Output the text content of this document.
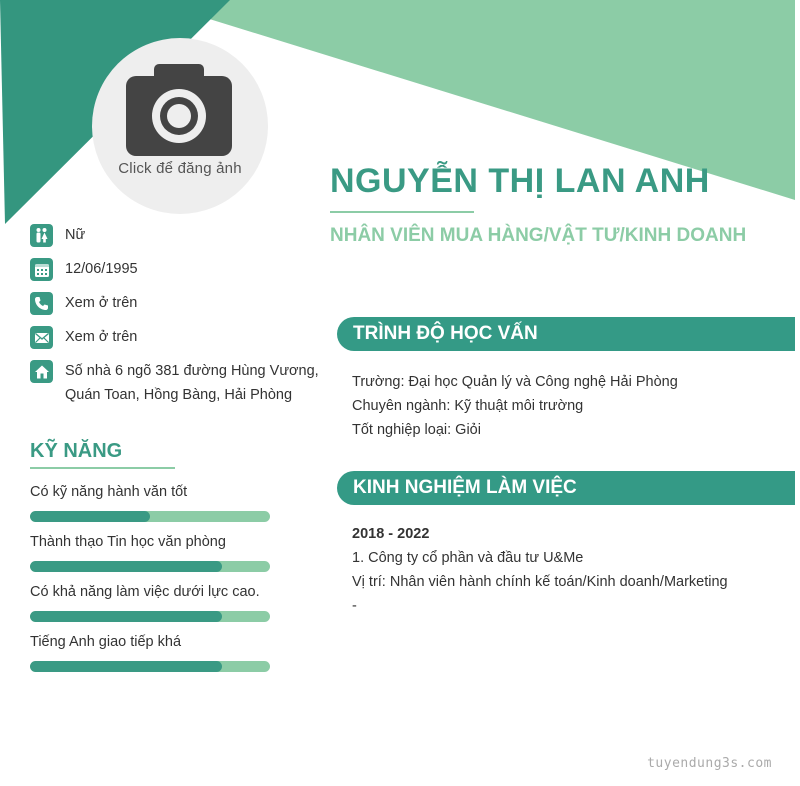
Click để đăng ảnh	NGUYỄN THỊ LAN ANH
NHÂN VIÊN MUA HÀNG/VẬT TƯ/KINH DOANH
Nữ
12/06/1995
Xem ở trên
Xem ở trên
Số nhà 6 ngõ 381 đường Hùng Vương,
Quán Toan, Hồng Bàng, Hải Phòng
KỸ NĂNG
Có kỹ năng hành văn tốt
Thành thạo Tin học văn phòng
Có khả năng làm việc dưới lực cao.
Tiếng Anh giao tiếp khá
TRÌNH ĐỘ HỌC VẤN
Trường: Đại học Quản lý và Công nghệ Hải Phòng
Chuyên ngành: Kỹ thuật môi trường
Tốt nghiệp loại: Giỏi
KINH NGHIỆM LÀM VIỆC
2018 - 2022
1. Công ty cổ phần và đầu tư U&Me
Vị trí: Nhân viên hành chính kế toán/Kinh doanh/Marketing
-
tuyendung3s.com
